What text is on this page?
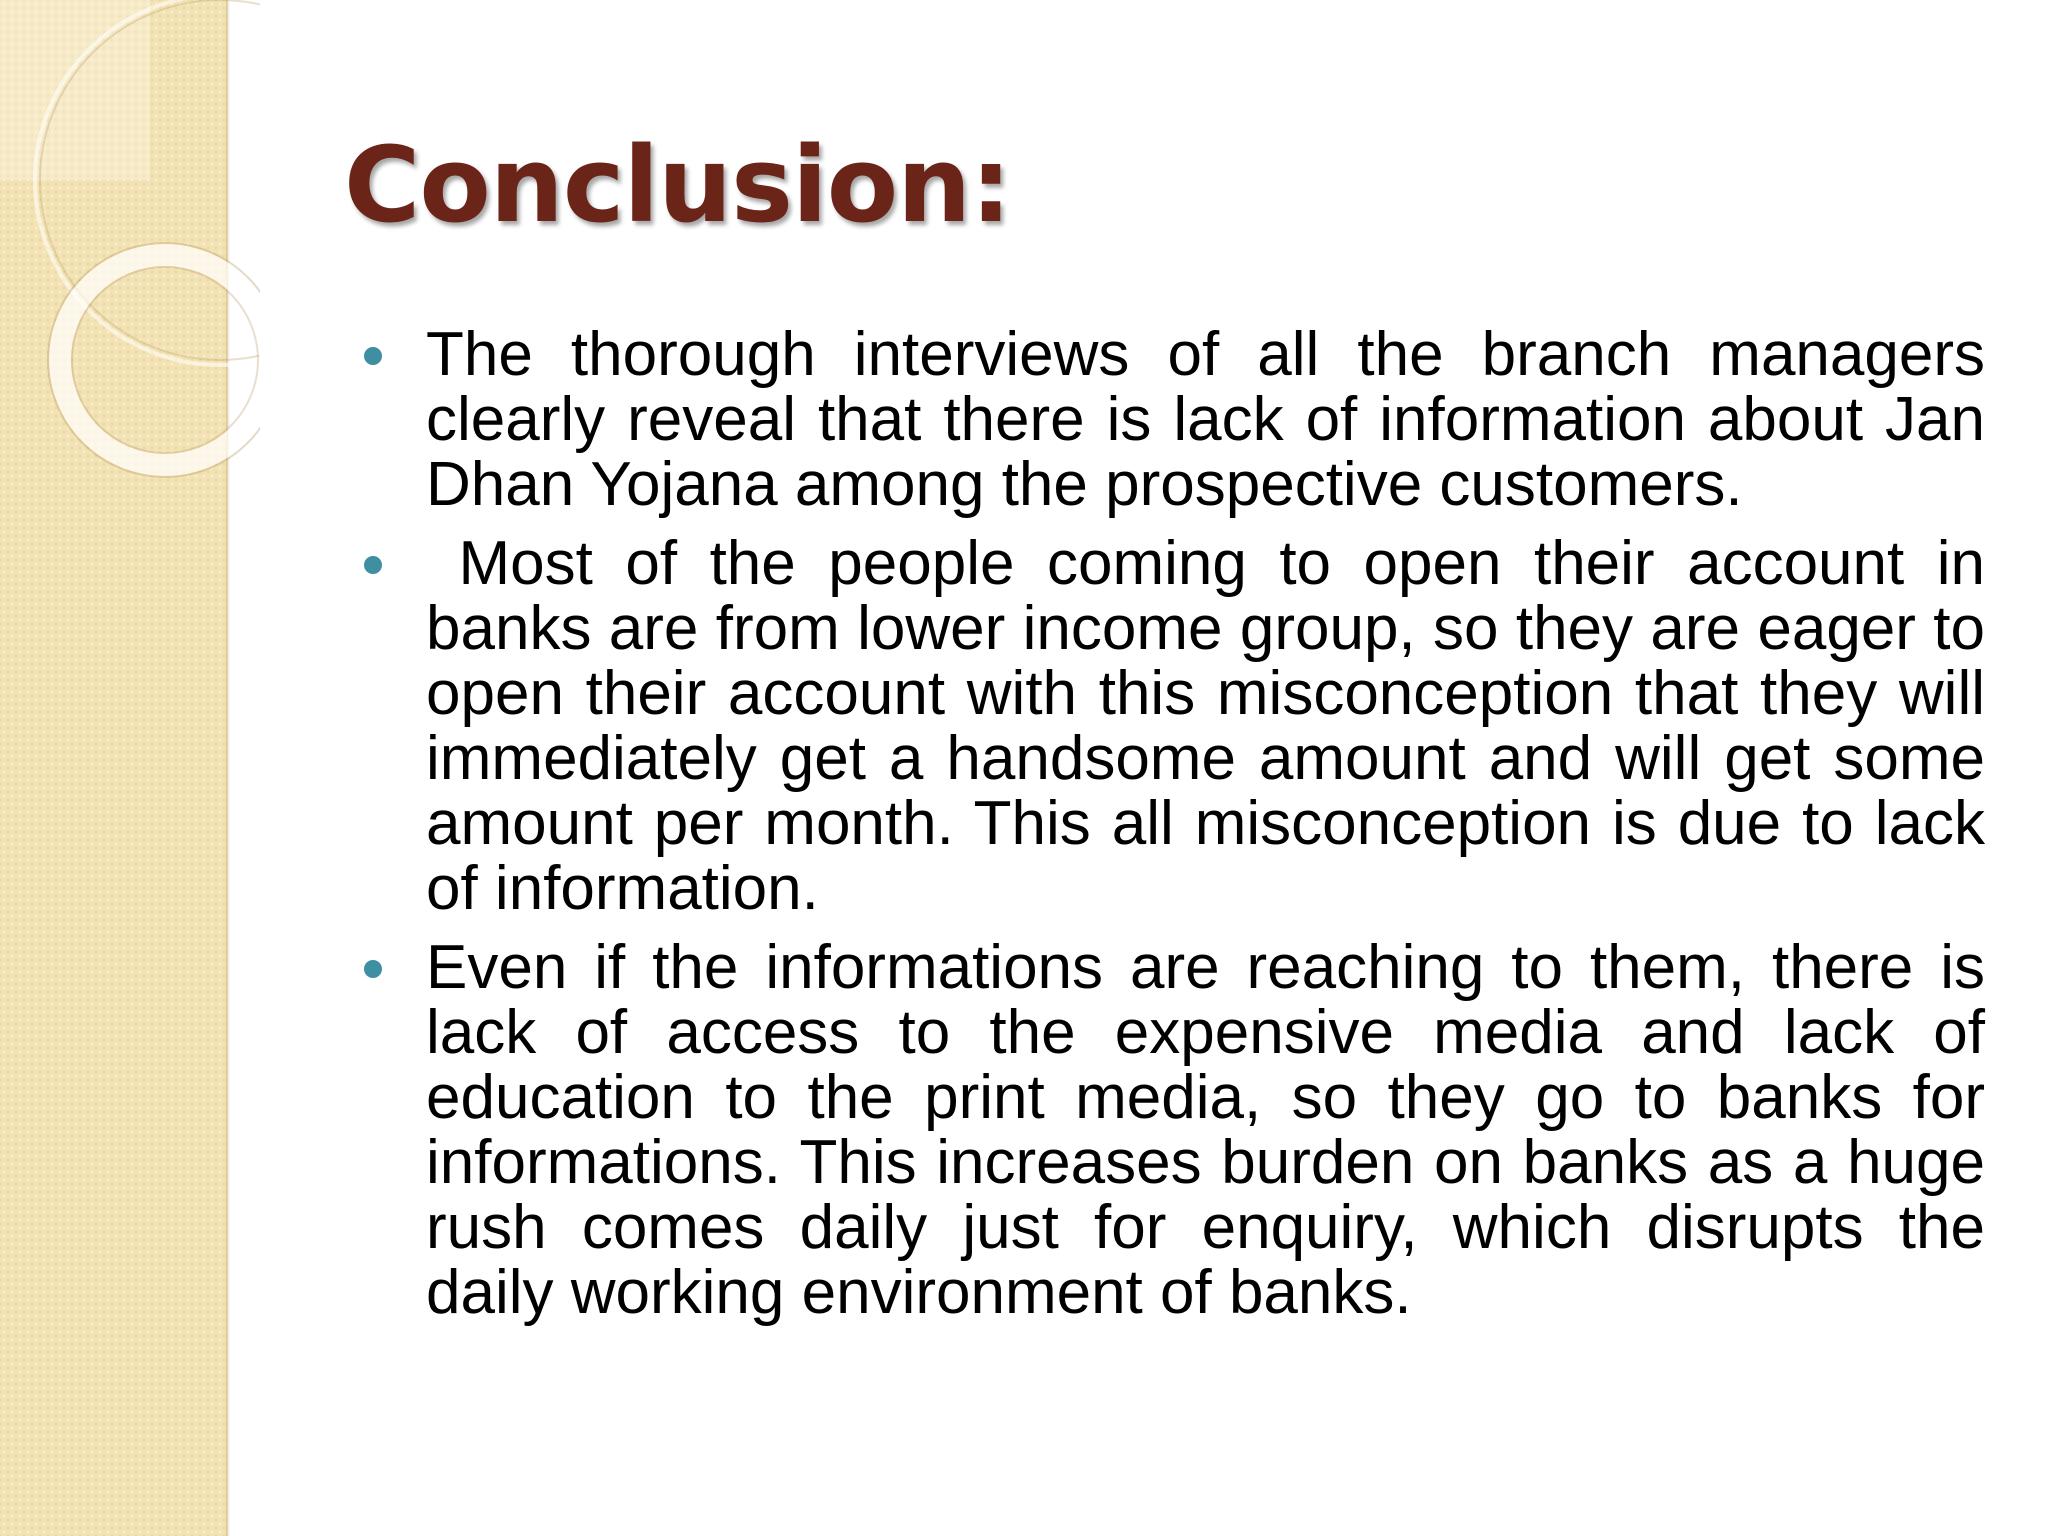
Conclusion:
The thorough interviews of all the branch managers clearly reveal that there is lack of information about Jan Dhan Yojana among the prospective customers.
Most of the people coming to open their account in banks are from lower income group, so they are eager to open their account with this misconception that they will immediately get a handsome amount and will get some amount per month. This all misconception is due to lack of information.
Even if the informations are reaching to them, there is lack of access to the expensive media and lack of education to the print media, so they go to banks for informations. This increases burden on banks as a huge rush comes daily just for enquiry, which disrupts the daily working environment of banks.
